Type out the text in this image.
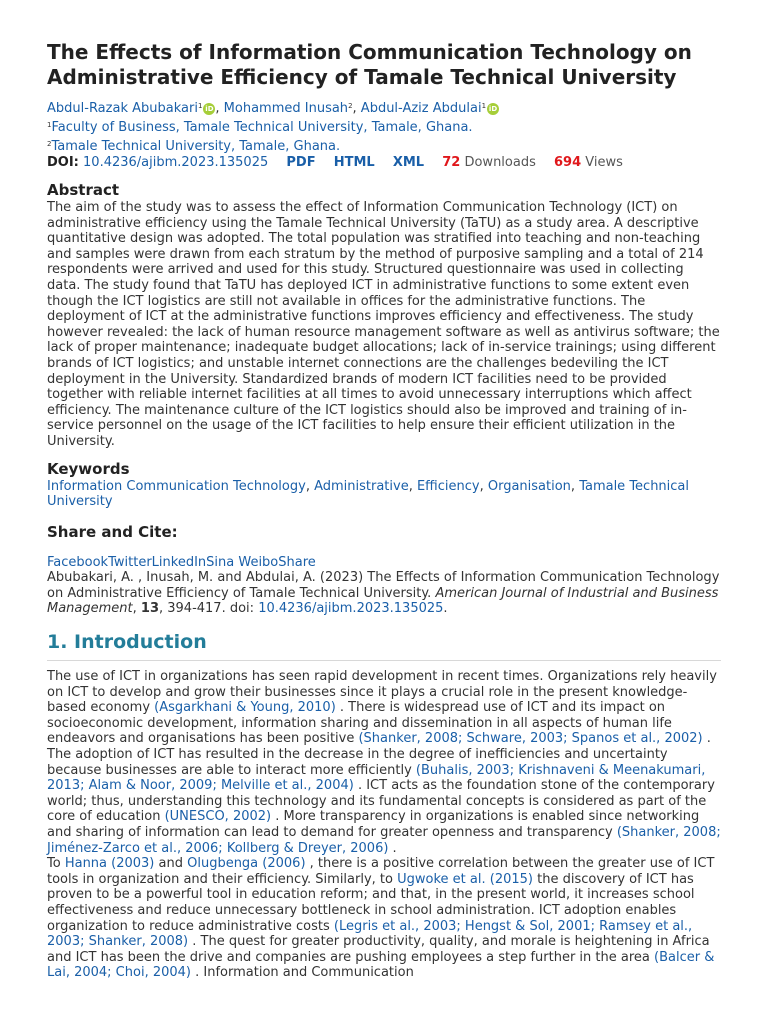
The Effects of Information Communication Technology on Administrative Efficiency of Tamale Technical University
Abdul-Razak Abubakari$^1$ iD , Mohammed Inusah$^2$, Abdul-Aziz Abdulai$^1$ iD
$^1$Faculty of Business, Tamale Technical University, Tamale, Ghana.
$^2$Tamale Technical University, Tamale, Ghana.
DOI: 10.4236/ajibm.2023.135025 PDF HTML XML 72 Downloads 694 Views
Abstract

The aim of the study was to assess the effect of Information Communication Technology (ICT) on administrative efficiency using the Tamale Technical University (TaTU) as a study area. A descriptive quantitative design was adopted. The total population was stratified into teaching and non-teaching and samples were drawn from each stratum by the method of purposive sampling and a total of 214 respondents were arrived and used for this study. Structured questionnaire was used in collecting data. The study found that TaTU has deployed ICT in administrative functions to some extent even though the ICT logistics are still not available in offices for the administrative functions. The deployment of ICT at the administrative functions improves efficiency and effectiveness. The study however revealed: the lack of human resource management software as well as antivirus software; the lack of proper maintenance; inadequate budget allocations; lack of in-service trainings; using different brands of ICT logistics; and unstable internet connections are the challenges bedeviling the ICT deployment in the University. Standardized brands of modern ICT facilities need to be provided together with reliable internet facilities at all times to avoid unnecessary interruptions which affect efficiency. The maintenance culture of the ICT logistics should also be improved and training of in-service personnel on the usage of the ICT facilities to help ensure their efficient utilization in the University.

Keywords
Information Communication Technology, Administrative, Efficiency, Organisation, Tamale Technical University
Share and Cite:
FacebookTwitterLinkedInSina WeiboShare

Abubakari, A. , Inusah, M. and Abdulai, A. (2023) The Effects of Information Communication Technology on Administrative Efficiency of Tamale Technical University. American Journal of Industrial and Business Management, 13, 394-417. doi: 10.4236/ajibm.2023.135025.

1. Introduction

The use of ICT in organizations has seen rapid development in recent times. Organizations rely heavily on ICT to develop and grow their businesses since it plays a crucial role in the present knowledge-based economy (Asgarkhani & Young, 2010) . There is widespread use of ICT and its impact on socioeconomic development, information sharing and dissemination in all aspects of human life endeavors and organisations has been positive (Shanker, 2008; Schware, 2003; Spanos et al., 2002) . The adoption of ICT has resulted in the decrease in the degree of inefficiencies and uncertainty because businesses are able to interact more efficiently (Buhalis, 2003; Krishnaveni & Meenakumari, 2013; Alam & Noor, 2009; Melville et al., 2004) . ICT acts as the foundation stone of the contemporary world; thus, understanding this technology and its fundamental concepts is considered as part of the core of education (UNESCO, 2002) . More transparency in organizations is enabled since networking and sharing of information can lead to demand for greater openness and transparency (Shanker, 2008; Jiménez-Zarco et al., 2006; Kollberg & Dreyer, 2006) .

To Hanna (2003) and Olugbenga (2006) , there is a positive correlation between the greater use of ICT tools in organization and their efficiency. Similarly, to Ugwoke et al. (2015) the discovery of ICT has proven to be a powerful tool in education reform; and that, in the present world, it increases school effectiveness and reduce unnecessary bottleneck in school administration. ICT adoption enables organization to reduce administrative costs (Legris et al., 2003; Hengst & Sol, 2001; Ramsey et al., 2003; Shanker, 2008) . The quest for greater productivity, quality, and morale is heightening in Africa and ICT has been the drive and companies are pushing employees a step further in the area (Balcer & Lai, 2004; Choi, 2004) . Information and Communication
